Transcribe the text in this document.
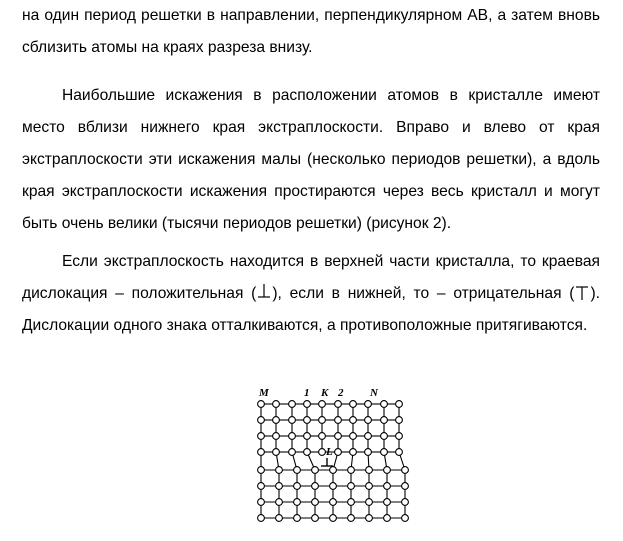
на один период решетки в направлении, перпендикулярном АВ, а затем вновь сблизить атомы на краях разреза внизу.

Наибольшие искажения в расположении атомов в кристалле имеют место вблизи нижнего края экстраплоскости. Вправо и влево от края экстраплоскости эти искажения малы (несколько периодов решетки), а вдоль края экстраплоскости искажения простираются через весь кристалл и могут быть очень велики (тысячи периодов решетки) (рисунок 2).

Если экстраплоскость находится в верхней части кристалла, то краевая дислокация – положительная ( ), если в нижней, то – отрицательная ( ). Дислокации одного знака отталкиваются, а противоположные притягиваются.

M	1 K 2 N
L
